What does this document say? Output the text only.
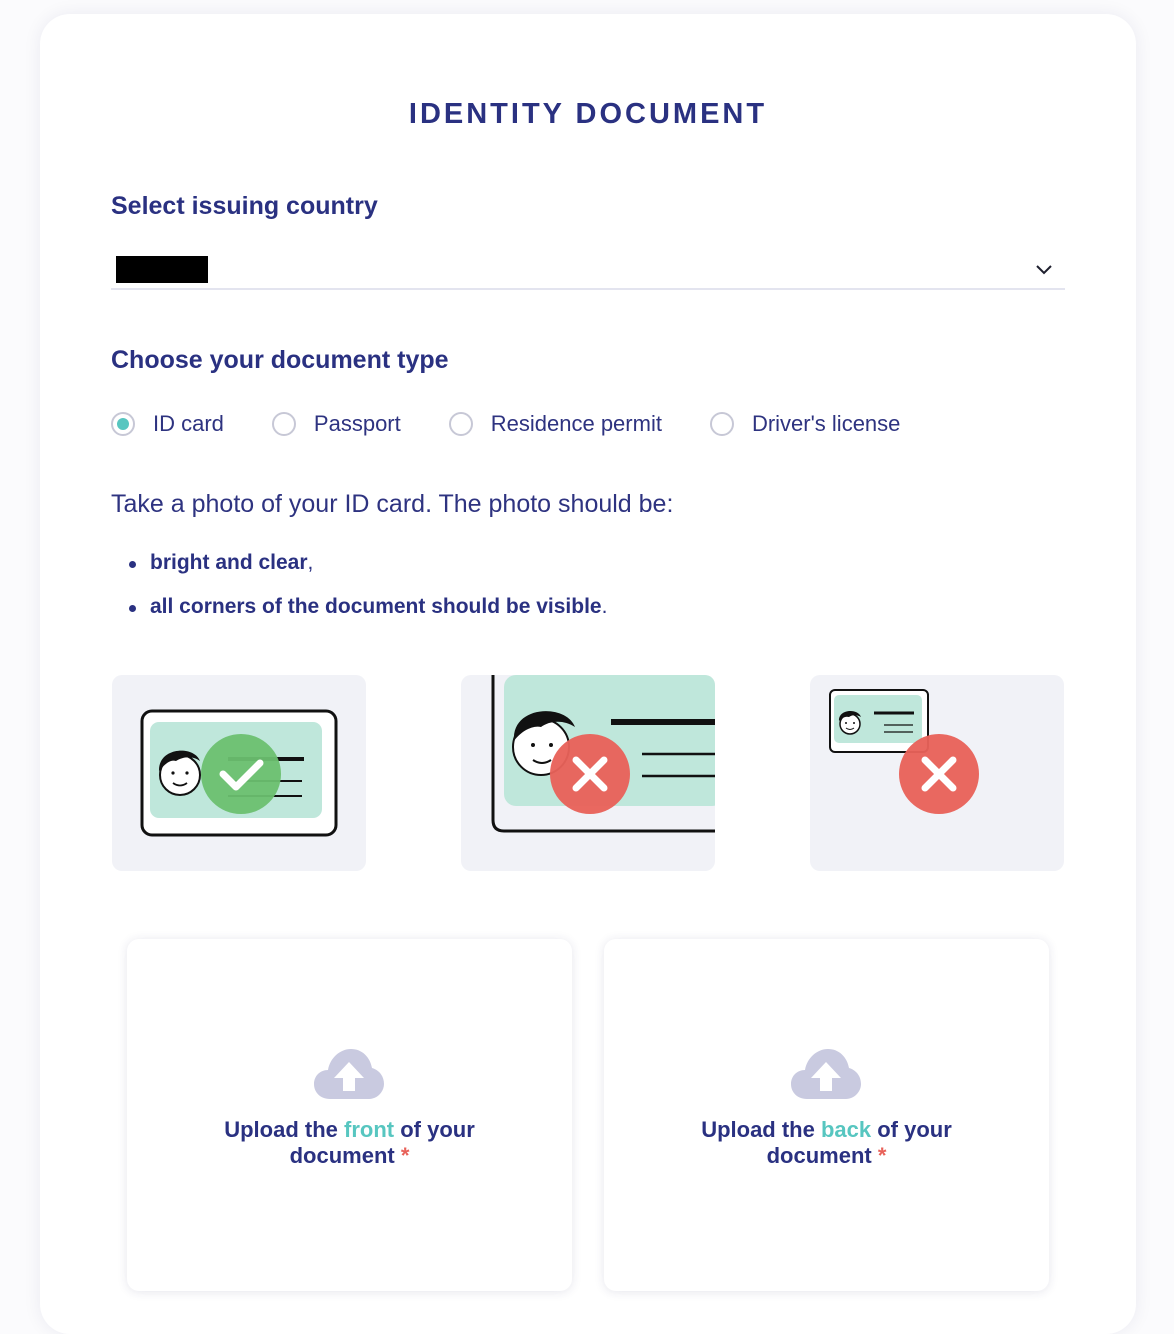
IDENTITY DOCUMENT
Select issuing country
Choose your document type
ID card	Passport	Residence permit	Driver's license

Take a photo of your ID card. The photo should be:

bright and clear,
all corners of the document should be visible.
Upload the front of your document *
Upload the back of your document *
